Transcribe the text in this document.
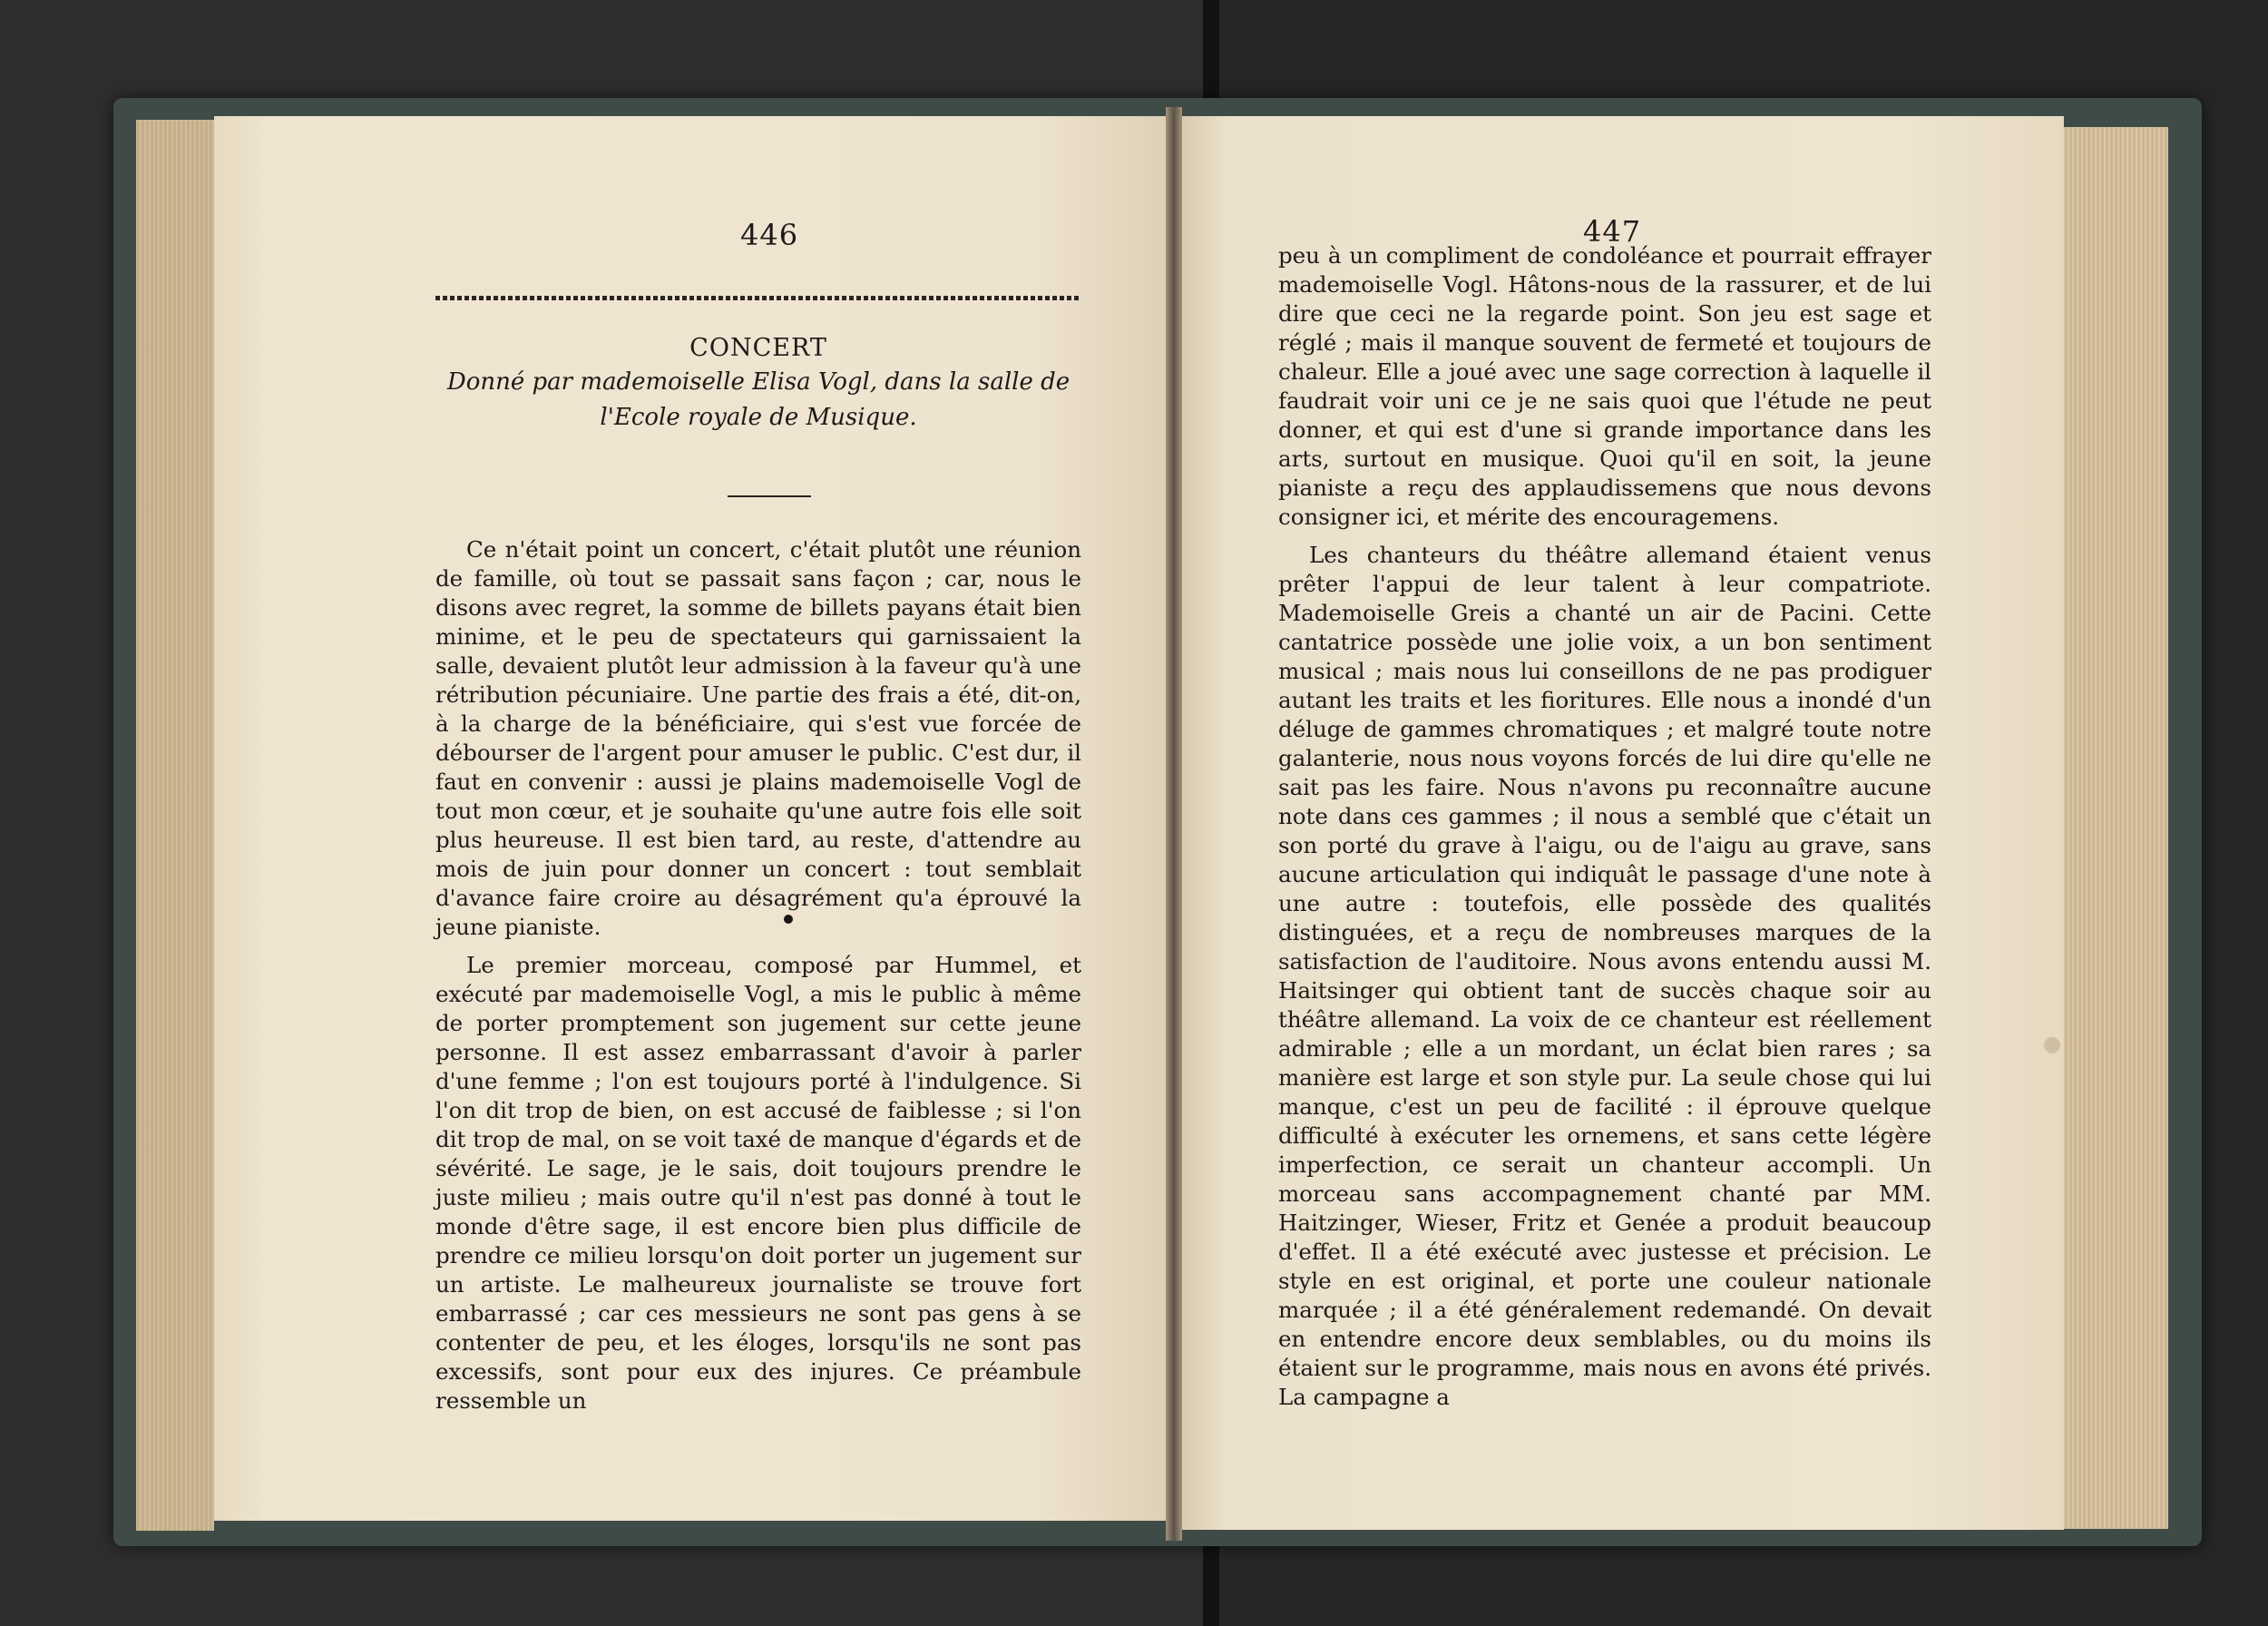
446
CONCERT
Donné par mademoiselle Elisa Vogl, dans la salle de l'Ecole royale de Musique.

Ce n'était point un concert, c'était plutôt une réunion de famille, où tout se passait sans façon ; car, nous le disons avec regret, la somme de billets payans était bien minime, et le peu de spectateurs qui garnissaient la salle, devaient plutôt leur admission à la faveur qu'à une rétribution pécuniaire. Une partie des frais a été, dit-on, à la charge de la bénéficiaire, qui s'est vue forcée de débourser de l'argent pour amuser le public. C'est dur, il faut en convenir : aussi je plains mademoiselle Vogl de tout mon cœur, et je souhaite qu'une autre fois elle soit plus heureuse. Il est bien tard, au reste, d'attendre au mois de juin pour donner un concert : tout semblait d'avance faire croire au désagrément qu'a éprouvé la jeune pianiste.

Le premier morceau, composé par Hummel, et exécuté par mademoiselle Vogl, a mis le public à même de porter promptement son jugement sur cette jeune personne. Il est assez embarrassant d'avoir à parler d'une femme ; l'on est toujours porté à l'indulgence. Si l'on dit trop de bien, on est accusé de faiblesse ; si l'on dit trop de mal, on se voit taxé de manque d'égards et de sévérité. Le sage, je le sais, doit toujours prendre le juste milieu ; mais outre qu'il n'est pas donné à tout le monde d'être sage, il est encore bien plus difficile de prendre ce milieu lorsqu'on doit porter un jugement sur un artiste. Le malheureux journaliste se trouve fort embarrassé ; car ces messieurs ne sont pas gens à se contenter de peu, et les éloges, lorsqu'ils ne sont pas excessifs, sont pour eux des injures. Ce préambule ressemble un

447

peu à un compliment de condoléance et pourrait effrayer mademoiselle Vogl. Hâtons-nous de la rassurer, et de lui dire que ceci ne la regarde point. Son jeu est sage et réglé ; mais il manque souvent de fermeté et toujours de chaleur. Elle a joué avec une sage correction à laquelle il faudrait voir uni ce je ne sais quoi que l'étude ne peut donner, et qui est d'une si grande importance dans les arts, surtout en musique. Quoi qu'il en soit, la jeune pianiste a reçu des applaudissemens que nous devons consigner ici, et mérite des encouragemens.

Les chanteurs du théâtre allemand étaient venus prêter l'appui de leur talent à leur compatriote. Mademoiselle Greis a chanté un air de Pacini. Cette cantatrice possède une jolie voix, a un bon sentiment musical ; mais nous lui conseillons de ne pas prodiguer autant les traits et les fioritures. Elle nous a inondé d'un déluge de gammes chromatiques ; et malgré toute notre galanterie, nous nous voyons forcés de lui dire qu'elle ne sait pas les faire. Nous n'avons pu reconnaître aucune note dans ces gammes ; il nous a semblé que c'était un son porté du grave à l'aigu, ou de l'aigu au grave, sans aucune articulation qui indiquât le passage d'une note à une autre : toutefois, elle possède des qualités distinguées, et a reçu de nombreuses marques de la satisfaction de l'auditoire. Nous avons entendu aussi M. Haitsinger qui obtient tant de succès chaque soir au théâtre allemand. La voix de ce chanteur est réellement admirable ; elle a un mordant, un éclat bien rares ; sa manière est large et son style pur. La seule chose qui lui manque, c'est un peu de facilité : il éprouve quelque difficulté à exécuter les ornemens, et sans cette légère imperfection, ce serait un chanteur accompli. Un morceau sans accompagnement chanté par MM. Haitzinger, Wieser, Fritz et Genée a produit beaucoup d'effet. Il a été exécuté avec justesse et précision. Le style en est original, et porte une couleur nationale marquée ; il a été généralement redemandé. On devait en entendre encore deux semblables, ou du moins ils étaient sur le programme, mais nous en avons été privés. La campagne a
